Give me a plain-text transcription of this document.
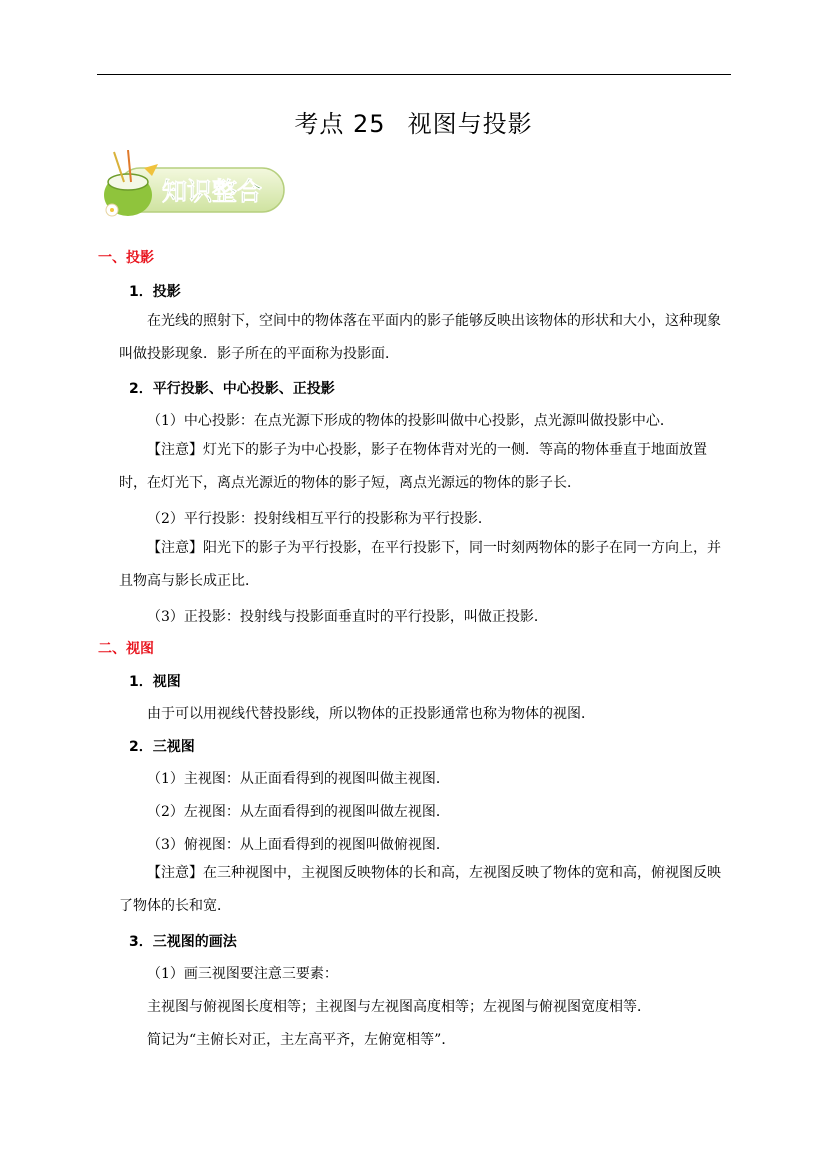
考点 25 视图与投影
知识整合
一、投影
1．投影
在光线的照射下，空间中的物体落在平面内的影子能够反映出该物体的形状和大小，这种现象叫做投影现象．影子所在的平面称为投影面．
2．平行投影、中心投影、正投影
（1）中心投影：在点光源下形成的物体的投影叫做中心投影，点光源叫做投影中心．
【注意】灯光下的影子为中心投影，影子在物体背对光的一侧．等高的物体垂直于地面放置时，在灯光下，离点光源近的物体的影子短，离点光源远的物体的影子长．
（2）平行投影：投射线相互平行的投影称为平行投影．
【注意】阳光下的影子为平行投影，在平行投影下，同一时刻两物体的影子在同一方向上，并且物高与影长成正比．
（3）正投影：投射线与投影面垂直时的平行投影，叫做正投影．
二、视图
1．视图
由于可以用视线代替投影线，所以物体的正投影通常也称为物体的视图．
2．三视图
（1）主视图：从正面看得到的视图叫做主视图．
（2）左视图：从左面看得到的视图叫做左视图．
（3）俯视图：从上面看得到的视图叫做俯视图．
【注意】在三种视图中，主视图反映物体的长和高，左视图反映了物体的宽和高，俯视图反映了物体的长和宽．
3．三视图的画法
（1）画三视图要注意三要素：
主视图与俯视图长度相等；主视图与左视图高度相等；左视图与俯视图宽度相等．
简记为“主俯长对正，主左高平齐，左俯宽相等”．
